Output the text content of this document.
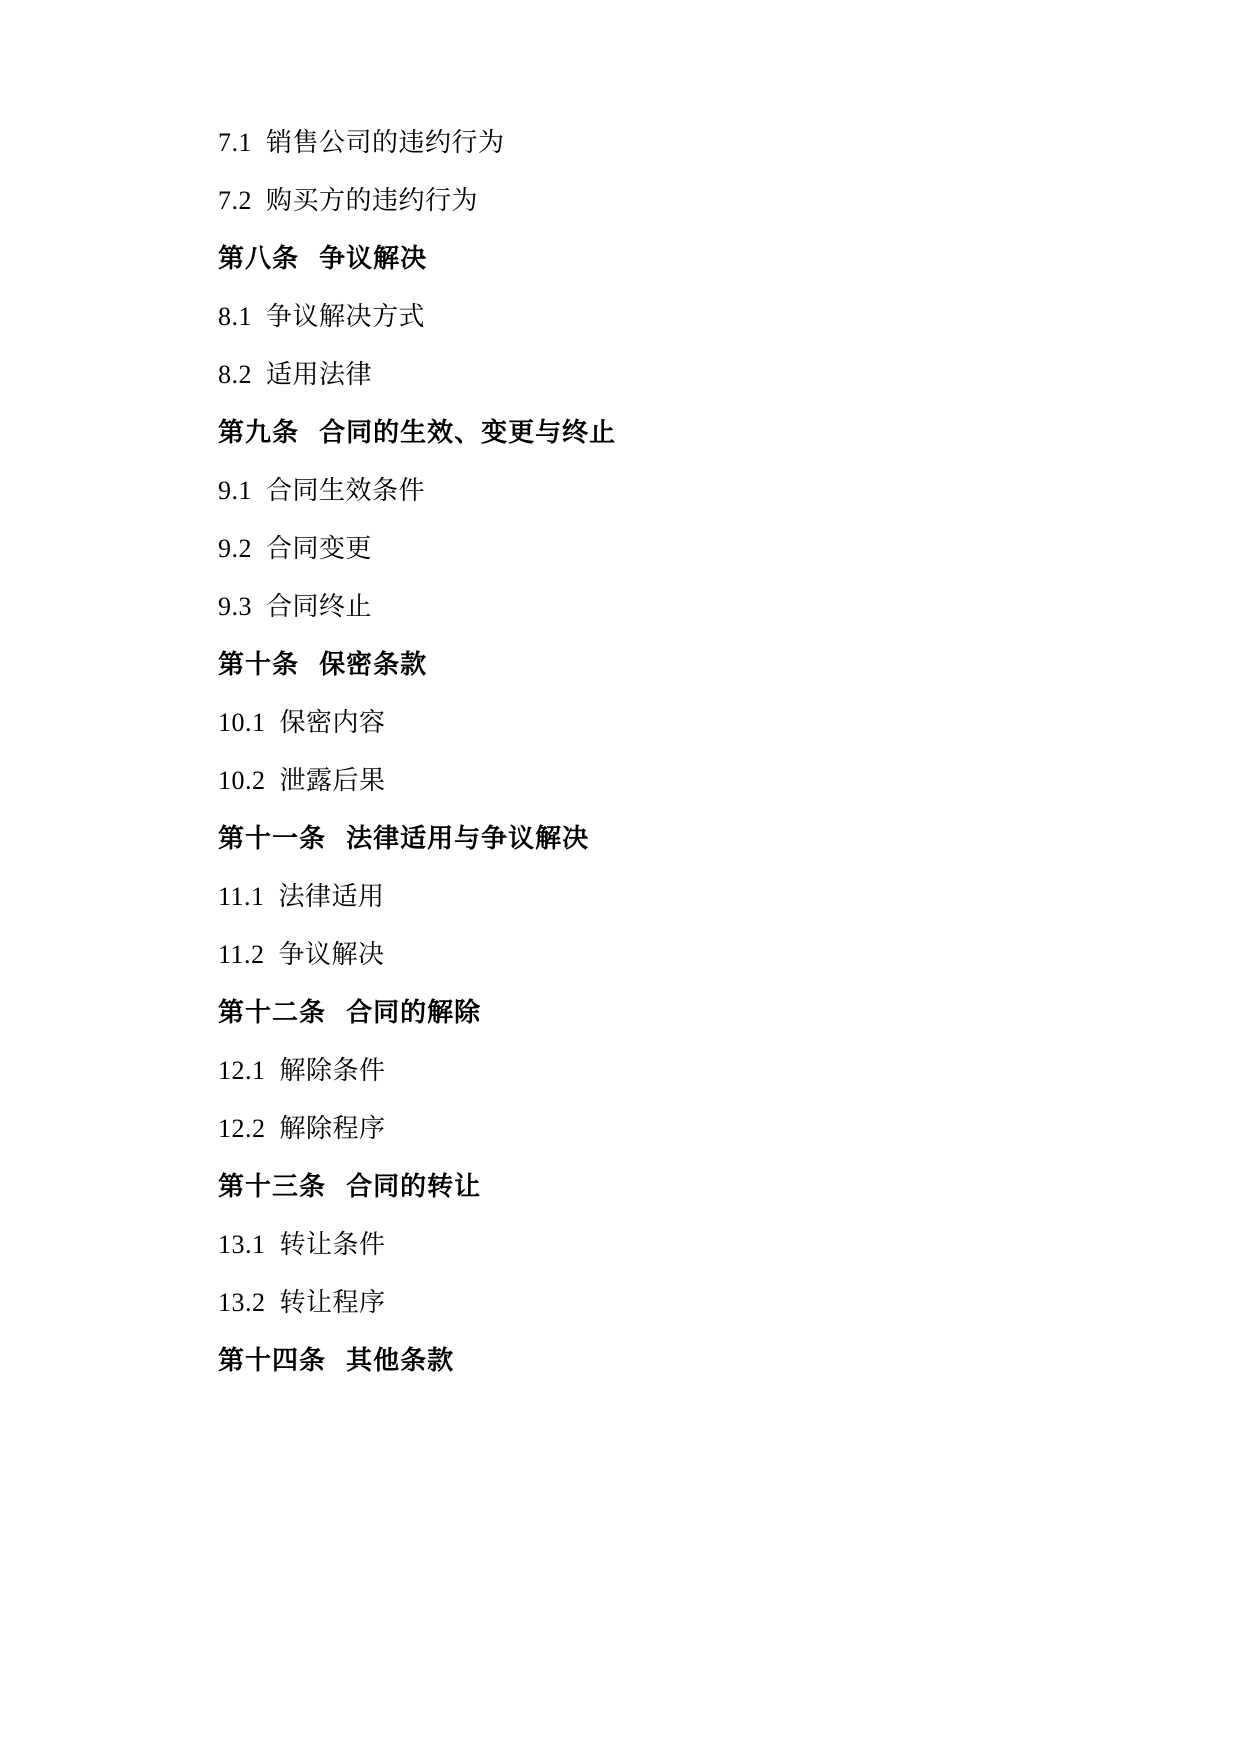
7.1  销售公司的违约行为

7.2  购买方的违约行为

第八条  争议解决

8.1  争议解决方式

8.2  适用法律

第九条  合同的生效、变更与终止

9.1  合同生效条件

9.2  合同变更

9.3  合同终止

第十条  保密条款

10.1  保密内容

10.2  泄露后果

第十一条  法律适用与争议解决

11.1  法律适用

11.2  争议解决

第十二条  合同的解除

12.1  解除条件

12.2  解除程序

第十三条  合同的转让

13.1  转让条件

13.2  转让程序

第十四条  其他条款
